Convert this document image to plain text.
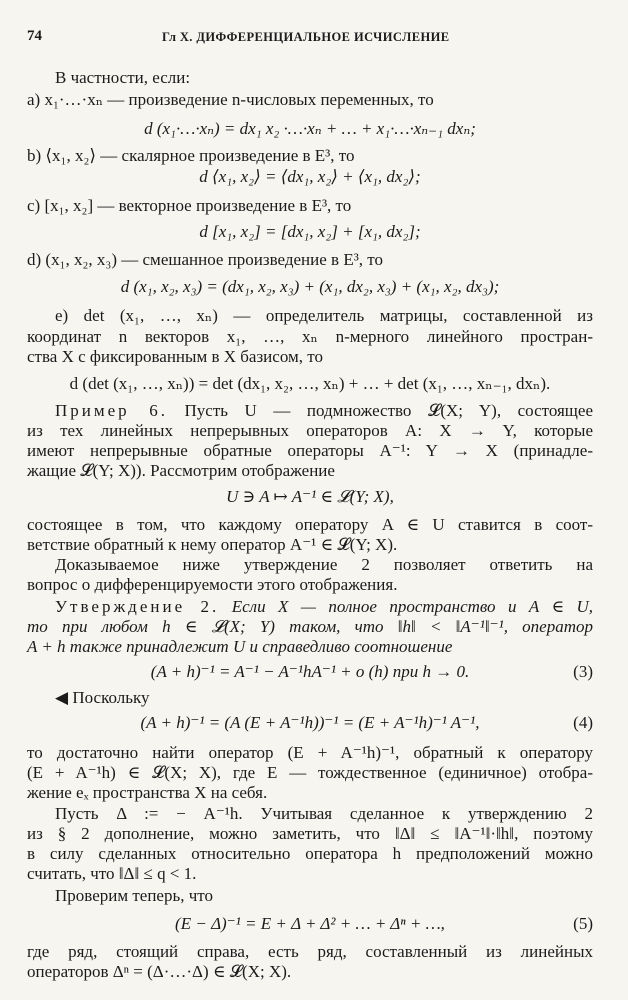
74	Гл X. ДИФФЕРЕНЦИАЛЬНОЕ ИСЧИСЛЕНИЕ
В частности, если:
а) x₁·…·xₙ — произведение n-числовых переменных, то
d (x₁·…·xₙ) = dx₁ x₂ ·…·xₙ + … + x₁·…·xₙ₋₁ dxₙ;
b) ⟨x₁, x₂⟩ — скалярное произведение в E³, то
d ⟨x₁, x₂⟩ = ⟨dx₁, x₂⟩ + ⟨x₁, dx₂⟩;
c) [x₁, x₂] — векторное произведение в E³, то
d [x₁, x₂] = [dx₁, x₂] + [x₁, dx₂];
d) (x₁, x₂, x₃) — смешанное произведение в E³, то
d (x₁, x₂, x₃) = (dx₁, x₂, x₃) + (x₁, dx₂, x₃) + (x₁, x₂, dx₃);
е) det (x₁, …, xₙ) — определитель матрицы, составленной из
координат n векторов x₁, …, xₙ n-мерного линейного простран-
ства X с фиксированным в X базисом, то
d (det (x₁, …, xₙ)) = det (dx₁, x₂, …, xₙ) + … + det (x₁, …, xₙ₋₁, dxₙ).
Пример 6. Пусть U — подмножество 𝓛(X; Y), состоящее
из тех линейных непрерывных операторов A: X → Y, которые
имеют непрерывные обратные операторы A⁻¹: Y → X (принадле-
жащие 𝓛(Y; X)). Рассмотрим отображение
U ∋ A ↦ A⁻¹ ∈ 𝓛(Y; X),
состоящее в том, что каждому оператору A ∈ U ставится в соот-
ветствие обратный к нему оператор A⁻¹ ∈ 𝓛(Y; X).
Доказываемое ниже утверждение 2 позволяет ответить на
вопрос о дифференцируемости этого отображения.
Утверждение 2. Если X — полное пространство и A ∈ U,
то при любом h ∈ 𝓛(X; Y) таком, что ‖h‖ < ‖A⁻¹‖⁻¹, оператор
A + h также принадлежит U и справедливо соотношение
(A + h)⁻¹ = A⁻¹ − A⁻¹hA⁻¹ + o (h) при h → 0.	(3)
◀ Поскольку
(A + h)⁻¹ = (A (E + A⁻¹h))⁻¹ = (E + A⁻¹h)⁻¹ A⁻¹,	(4)
то достаточно найти оператор (E + A⁻¹h)⁻¹, обратный к оператору
(E + A⁻¹h) ∈ 𝓛(X; X), где E — тождественное (единичное) отобра-
жение eₓ пространства X на себя.
Пусть Δ := − A⁻¹h. Учитывая сделанное к утверждению 2
из § 2 дополнение, можно заметить, что ‖Δ‖ ≤ ‖A⁻¹‖·‖h‖, поэтому
в силу сделанных относительно оператора h предположений можно
считать, что ‖Δ‖ ≤ q < 1.
Проверим теперь, что
(E − Δ)⁻¹ = E + Δ + Δ² + … + Δⁿ + …,	(5)
где ряд, стоящий справа, есть ряд, составленный из линейных
операторов Δⁿ = (Δ·…·Δ) ∈ 𝓛(X; X).
